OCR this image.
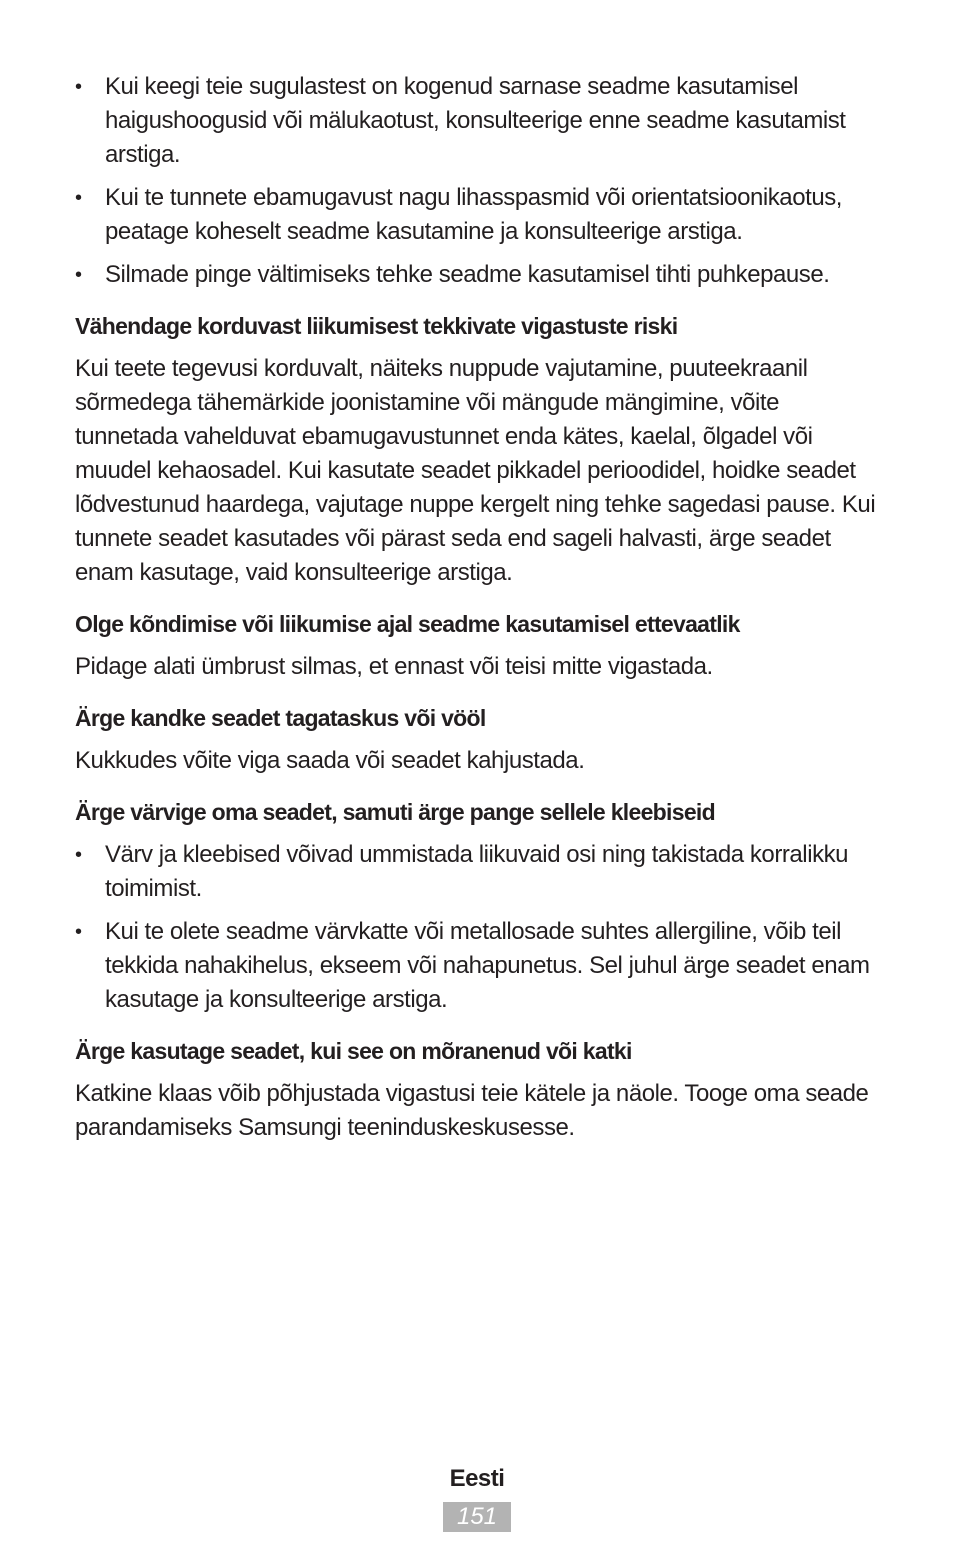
• Kui keegi teie sugulastest on kogenud sarnase seadme kasutamisel haigushoogusid või mälukaotust, konsulteerige enne seadme kasutamist arstiga.
• Kui te tunnete ebamugavust nagu lihasspasmid või orientatsioonikaotus, peatage koheselt seadme kasutamine ja konsulteerige arstiga.
• Silmade pinge vältimiseks tehke seadme kasutamisel tihti puhkepause.
Vähendage korduvast liikumisest tekkivate vigastuste riski

Kui teete tegevusi korduvalt, näiteks nuppude vajutamine, puuteekraanil sõrmedega tähemärkide joonistamine või mängude mängimine, võite tunnetada vahelduvat ebamugavustunnet enda kätes, kaelal, õlgadel või muudel kehaosadel. Kui kasutate seadet pikkadel perioodidel, hoidke seadet lõdvestunud haardega, vajutage nuppe kergelt ning tehke sagedasi pause. Kui tunnete seadet kasutades või pärast seda end sageli halvasti, ärge seadet enam kasutage, vaid konsulteerige arstiga.

Olge kõndimise või liikumise ajal seadme kasutamisel ettevaatlik

Pidage alati ümbrust silmas, et ennast või teisi mitte vigastada.

Ärge kandke seadet tagataskus või vööl

Kukkudes võite viga saada või seadet kahjustada.

Ärge värvige oma seadet, samuti ärge pange sellele kleebiseid
• Värv ja kleebised võivad ummistada liikuvaid osi ning takistada korralikku toimimist.
• Kui te olete seadme värvkatte või metallosade suhtes allergiline, võib teil tekkida nahakihelus, ekseem või nahapunetus. Sel juhul ärge seadet enam kasutage ja konsulteerige arstiga.
Ärge kasutage seadet, kui see on mõranenud või katki

Katkine klaas võib põhjustada vigastusi teie kätele ja näole. Tooge oma seade parandamiseks Samsungi teeninduskeskusesse.

Eesti
151
